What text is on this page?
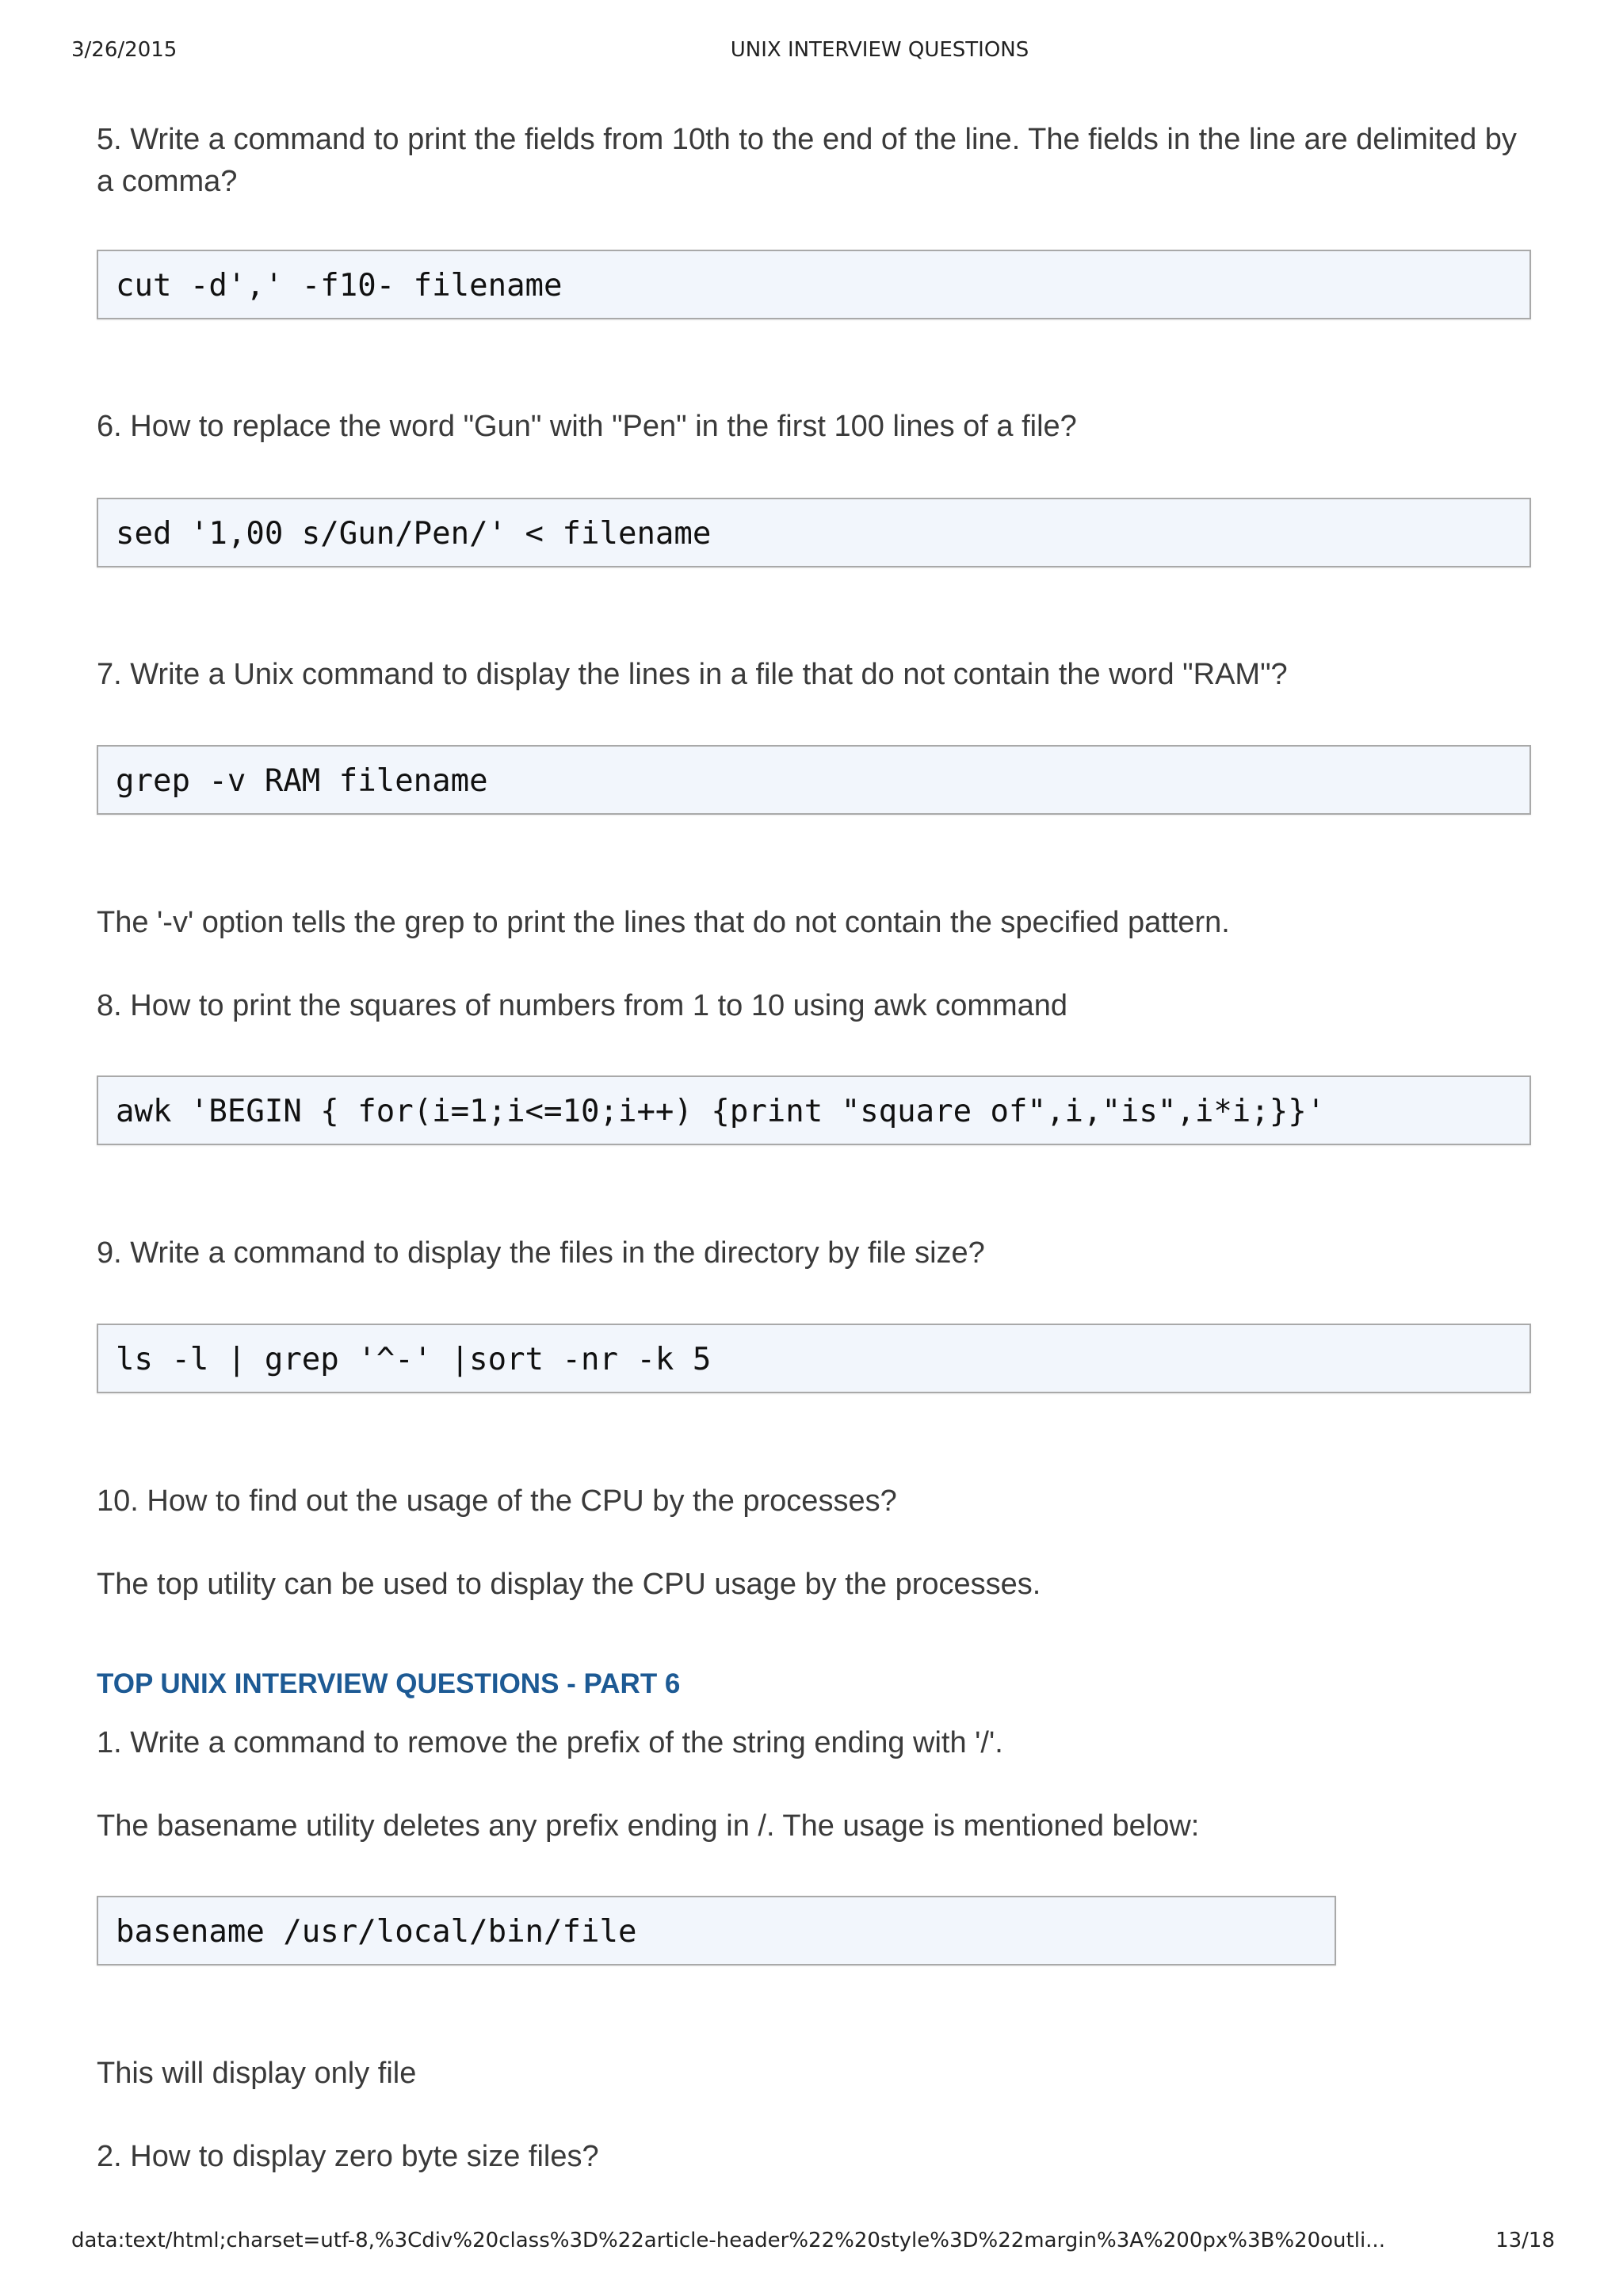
3/26/2015	UNIX INTERVIEW QUESTIONS

5. Write a command to print the fields from 10th to the end of the line. The fields in the line are delimited by a comma?

cut -d',' -f10- filename

6. How to replace the word "Gun" with "Pen" in the first 100 lines of a file?

sed '1,00 s/Gun/Pen/' < filename

7. Write a Unix command to display the lines in a file that do not contain the word "RAM"?

grep -v RAM filename

The '-v' option tells the grep to print the lines that do not contain the specified pattern.

8. How to print the squares of numbers from 1 to 10 using awk command

awk 'BEGIN { for(i=1;i<=10;i++) {print "square of",i,"is",i*i;}}'

9. Write a command to display the files in the directory by file size?

ls -l | grep '^-' |sort -nr -k 5

10. How to find out the usage of the CPU by the processes?

The top utility can be used to display the CPU usage by the processes.

TOP UNIX INTERVIEW QUESTIONS - PART 6

1. Write a command to remove the prefix of the string ending with '/'.

The basename utility deletes any prefix ending in /. The usage is mentioned below:

basename /usr/local/bin/file

This will display only file

2. How to display zero byte size files?

data:text/html;charset=utf-8,%3Cdiv%20class%3D%22article-header%22%20style%3D%22margin%3A%200px%3B%20outli...	13/18
